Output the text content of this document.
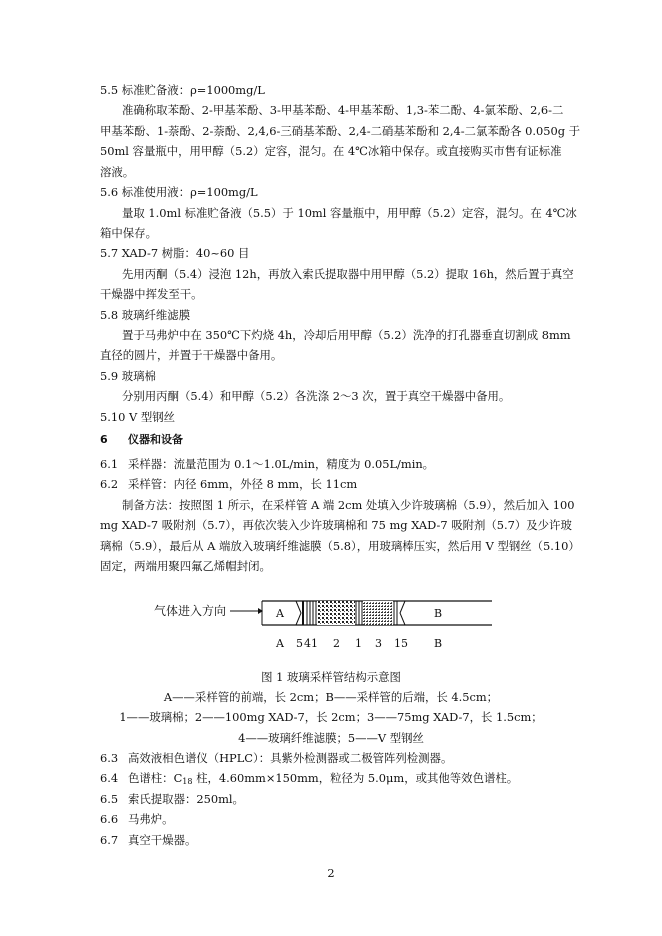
5.5 标准贮备液：ρ=1000mg/L
准确称取苯酚、2-甲基苯酚、3-甲基苯酚、4-甲基苯酚、1,3-苯二酚、4-氯苯酚、2,6-二
甲基苯酚、1-萘酚、2-萘酚、2,4,6-三硝基苯酚、2,4-二硝基苯酚和 2,4-二氯苯酚各 0.050g 于
50ml 容量瓶中，用甲醇（5.2）定容，混匀。在 4℃冰箱中保存。或直接购买市售有证标准
溶液。
5.6 标准使用液：ρ=100mg/L
量取 1.0ml 标准贮备液（5.5）于 10ml 容量瓶中，用甲醇（5.2）定容，混匀。在 4℃冰
箱中保存。
5.7 XAD-7 树脂：40~60 目
先用丙酮（5.4）浸泡 12h，再放入索氏提取器中用甲醇（5.2）提取 16h，然后置于真空
干燥器中挥发至干。
5.8 玻璃纤维滤膜
置于马弗炉中在 350℃下灼烧 4h，冷却后用甲醇（5.2）洗净的打孔器垂直切割成 8mm
直径的圆片，并置于干燥器中备用。
5.9 玻璃棉
分别用丙酮（5.4）和甲醇（5.2）各洗涤 2～3 次，置于真空干燥器中备用。
5.10 V 型钢丝
6 仪器和设备
6.1 采样器：流量范围为 0.1～1.0L/min，精度为 0.05L/min。
6.2 采样管：内径 6mm，外径 8 mm，长 11cm
制备方法：按照图 1 所示，在采样管 A 端 2cm 处填入少许玻璃棉（5.9），然后加入 100
mg XAD-7 吸附剂（5.7），再依次装入少许玻璃棉和 75 mg XAD-7 吸附剂（5.7）及少许玻
璃棉（5.9），最后从 A 端放入玻璃纤维滤膜（5.8），用玻璃棒压实，然后用 V 型钢丝（5.10）
固定，两端用聚四氟乙烯帽封闭。
气体进入方向	A	B
A 5 4 1 2 1 3 15 B
图 1 玻璃采样管结构示意图
A——采样管的前端，长 2cm；B——采样管的后端，长 4.5cm；
1——玻璃棉；2——100mg XAD-7，长 2cm；3——75mg XAD-7，长 1.5cm；
4——玻璃纤维滤膜；5——V 型钢丝
6.3 高效液相色谱仪（HPLC）：具紫外检测器或二极管阵列检测器。
6.4 色谱柱：$C_{18}$ 柱，4.60mm×150mm，粒径为 5.0μm，或其他等效色谱柱。
6.5 索氏提取器：250ml。
6.6 马弗炉。
6.7 真空干燥器。
2
